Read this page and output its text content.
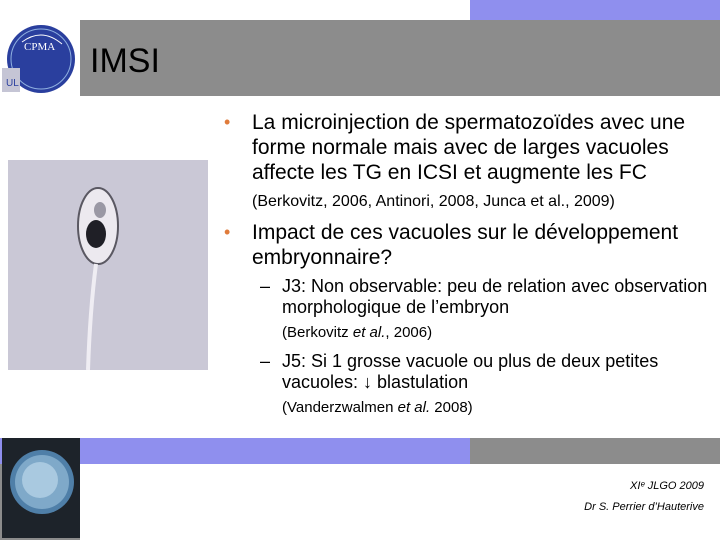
CPMA
UL
IMSI
• La microinjection de spermatozoïdes avec une forme normale mais avec de larges vacuoles affecte les TG en ICSI et augmente les FC (Berkovitz, 2006, Antinori, 2008, Junca et al., 2009)
• Impact de ces vacuoles sur le développement embryonnaire?
– J3: Non observable: peu de relation avec observation morphologique de l’embryon
(Berkovitz et al., 2006)
– J5: Si 1 grosse vacuole ou plus de deux petites vacuoles: ↓ blastulation
(Vanderzwalmen et al. 2008)
XIᵉ JLGO 2009
Dr S. Perrier d’Hauterive
